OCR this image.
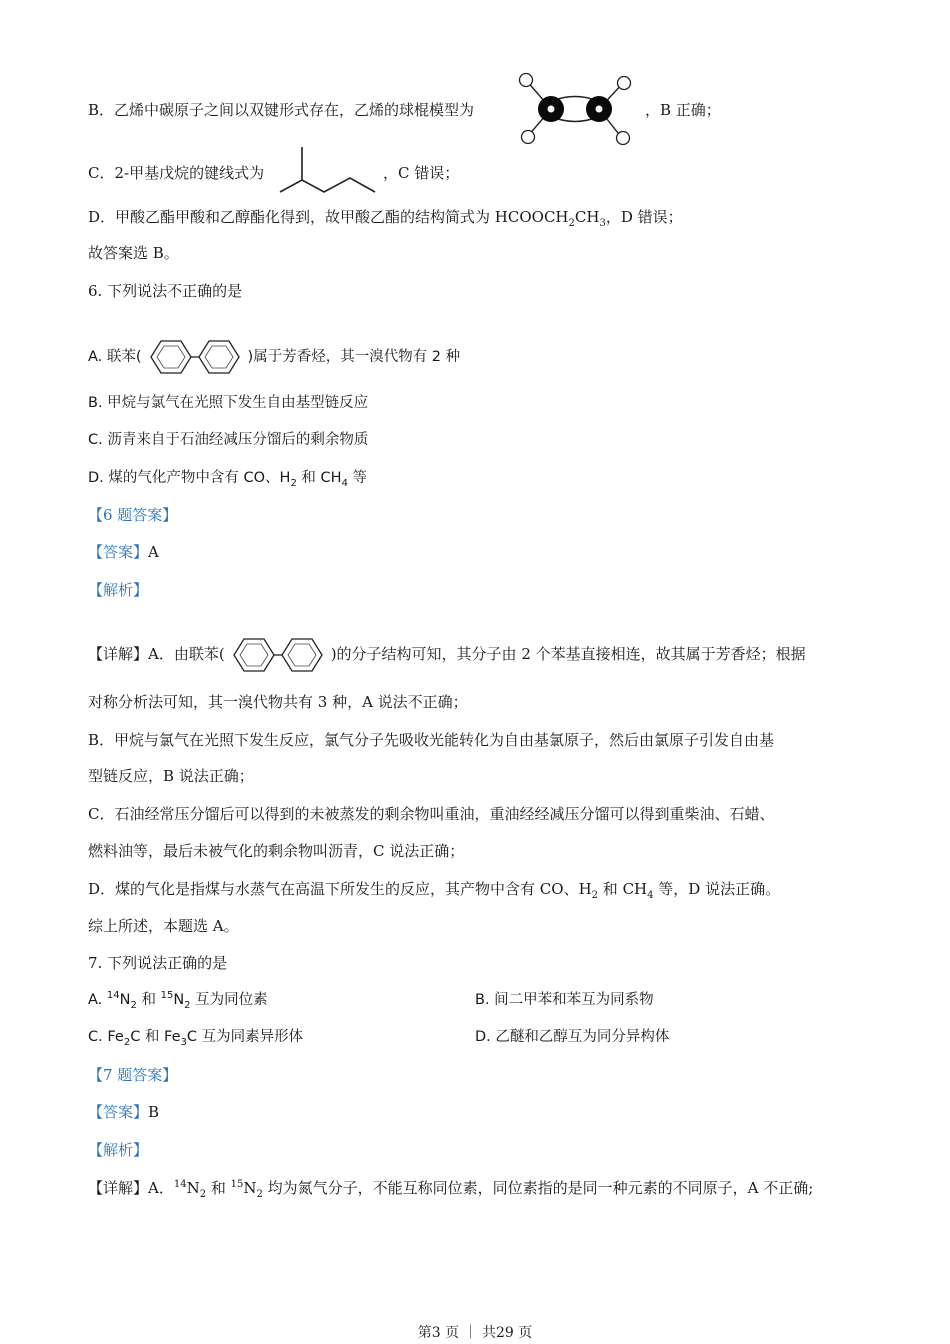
B．乙烯中碳原子之间以双键形式存在，乙烯的球棍模型为	，B 正确；
C．2-甲基戊烷的键线式为	，C 错误；
D．甲酸乙酯甲酸和乙醇酯化得到，故甲酸乙酯的结构简式为 $HCOOCH_2CH_3$，D 错误；
故答案选 B。
6. 下列说法不正确的是
A. 联苯(	)属于芳香烃，其一溴代物有 2 种
B. 甲烷与氯气在光照下发生自由基型链反应
C. 沥青来自于石油经减压分馏后的剩余物质
D. 煤的气化产物中含有 CO、$H_2$ 和 $CH_4$ 等
【6 题答案】
【答案】A
【解析】
【详解】A．由联苯(	)的分子结构可知，其分子由 2 个苯基直接相连，故其属于芳香烃；根据
对称分析法可知，其一溴代物共有 3 种，A 说法不正确；
B．甲烷与氯气在光照下发生反应，氯气分子先吸收光能转化为自由基氯原子，然后由氯原子引发自由基
型链反应，B 说法正确；
C．石油经常压分馏后可以得到的未被蒸发的剩余物叫重油，重油经经减压分馏可以得到重柴油、石蜡、
燃料油等，最后未被气化的剩余物叫沥青，C 说法正确；
D．煤的气化是指煤与水蒸气在高温下所发生的反应，其产物中含有 CO、$H_2$ 和 $CH_4$ 等，D 说法正确。
综上所述，本题选 A。
7. 下列说法正确的是
A. $^{14}N_2$ 和 $^{15}N_2$ 互为同位素	B. 间二甲苯和苯互为同系物
C. $Fe_2C$ 和 $Fe_3C$ 互为同素异形体	D. 乙醚和乙醇互为同分异构体
【7 题答案】
【答案】B
【解析】
【详解】A．$^{14}N_2$ 和 $^{15}N_2$ 均为氮气分子，不能互称同位素，同位素指的是同一种元素的不同原子，A 不正确;
第3 页 ｜ 共29 页
